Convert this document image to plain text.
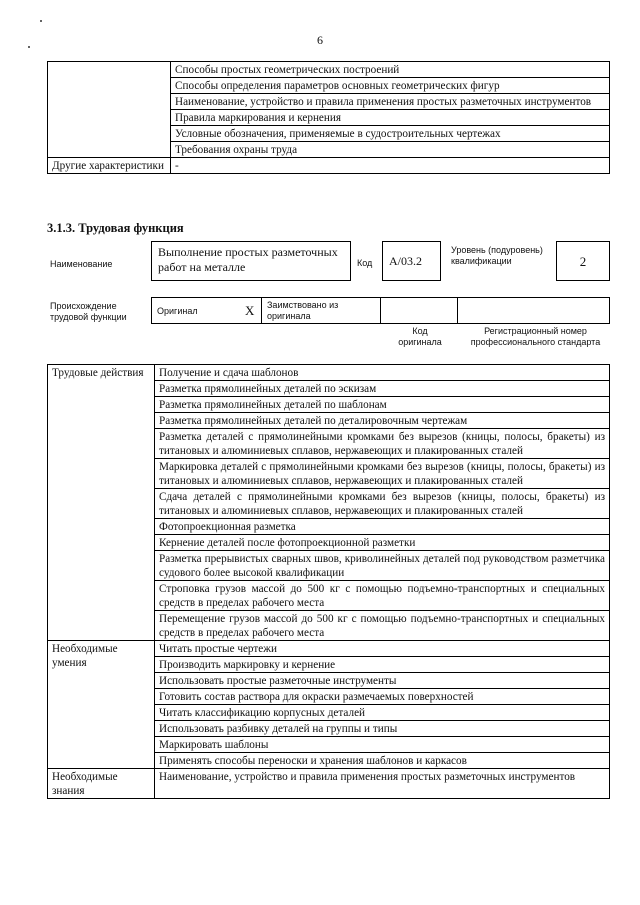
6
	Способы простых геометрических построений
	Способы определения параметров основных геометрических фигур
	Наименование, устройство и правила применения простых разметочных инструментов
	Правила маркирования и кернения
	Условные обозначения, применяемые в судостроительных чертежах
	Требования охраны труда
Другие характеристики	-
3.1.3. Трудовая функция
Наименование
Выполнение простых разметочных работ на металле	Код	A/03.2
Уровень (подуровень) квалификации	2
Происхождение трудовой функции
Оригинал	X Заимствовано из оригинала
Код оригинала
Регистрационный номер профессионального стандарта
Трудовые действия	Получение и сдача шаблонов
	Разметка прямолинейных деталей по эскизам
	Разметка прямолинейных деталей по шаблонам
	Разметка прямолинейных деталей по деталировочным чертежам
	Разметка деталей с прямолинейными кромками без вырезов (кницы, полосы, бракеты) из титановых и алюминиевых сплавов, нержавеющих и плакированных сталей
	Маркировка деталей с прямолинейными кромками без вырезов (кницы, полосы, бракеты) из титановых и алюминиевых сплавов, нержавеющих и плакированных сталей
	Сдача деталей с прямолинейными кромками без вырезов (кницы, полосы, бракеты) из титановых и алюминиевых сплавов, нержавеющих и плакированных сталей
	Фотопроекционная разметка
	Кернение деталей после фотопроекционной разметки
	Разметка прерывистых сварных швов, криволинейных деталей под руководством разметчика судового более высокой квалификации
	Строповка грузов массой до 500 кг с помощью подъемно-транспортных и специальных средств в пределах рабочего места
	Перемещение грузов массой до 500 кг с помощью подъемно-транспортных и специальных средств в пределах рабочего места
Необходимые умения	Читать простые чертежи
	Производить маркировку и кернение
	Использовать простые разметочные инструменты
	Готовить состав раствора для окраски размечаемых поверхностей
	Читать классификацию корпусных деталей
	Использовать разбивку деталей на группы и типы
	Маркировать шаблоны
	Применять способы переноски и хранения шаблонов и каркасов
Необходимые знания	Наименование, устройство и правила применения простых разметочных инструментов
